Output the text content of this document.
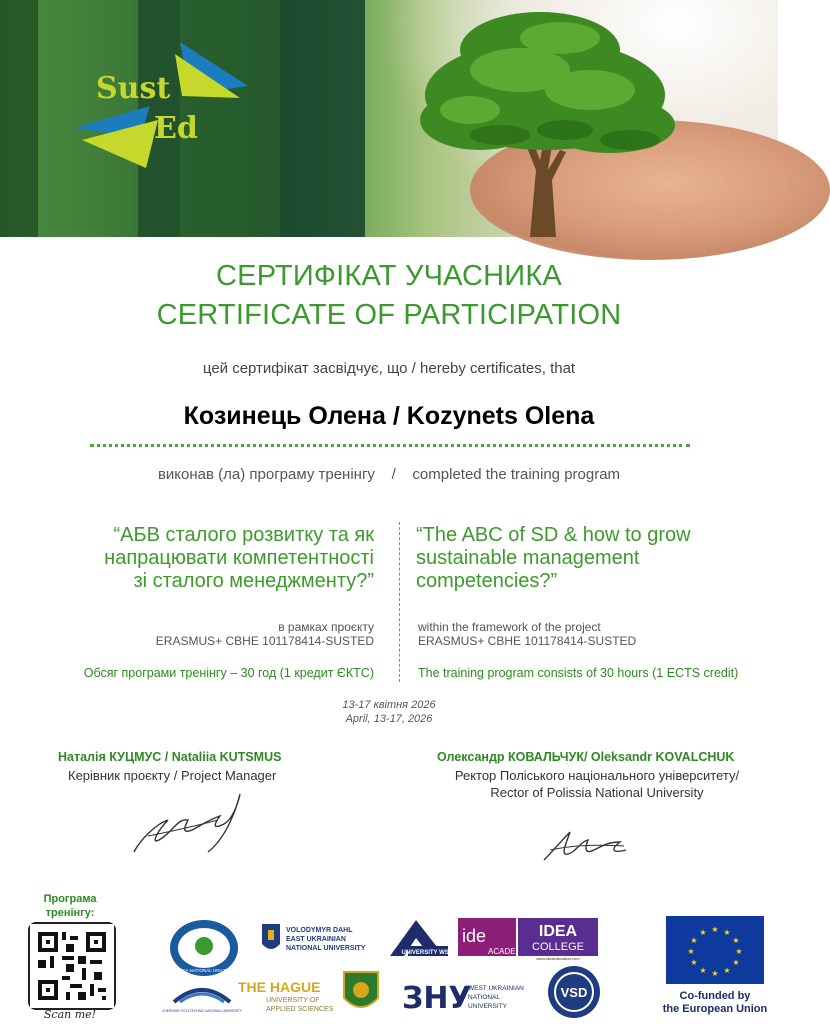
Sust
Ed
СЕРТИФІКАТ УЧАСНИКА
CERTIFICATE OF PARTICIPATION
цей сертифікат засвідчує, що / hereby certificates, that
Козинець Олена / Kozynets Olena
виконав (ла) програму тренінгу    /    completed the training program
“АБВ сталого розвитку та як
напрацювати компетентності
зі сталого менеджменту?”
“The ABC of SD & how to grow
sustainable management
competencies?”
в рамках проєкту
ERASMUS+ CBHE 101178414-SUSTED
within the framework of the project
ERASMUS+ CBHE 101178414-SUSTED
Обсяг програми тренінгу – 30 год (1 кредит ЄКТС)	The training program consists of 30 hours (1 ECTS credit)
13-17 квітня 2026
April, 13-17, 2026
Наталія КУЦМУС / Nataliia KUTSMUS
Керівник проєкту / Project Manager
Олександр КОВАЛЬЧУК/ Oleksandr KOVALCHUK
Ректор Поліського національного університету/
Rector of Polissia National University
Програма
тренінгу:
Scan me!
POLISSIA NATIONAL UNIVERSITY
VOLODYMYR DAHL
EAST UKRAINIAN
NATIONAL UNIVERSITY
UNIVERSITY WSEI
ide
ACADE
IDEA
COLLEGE
www.ideaeducation.com
CHERNIHIV POLYTECHNIC NATIONAL UNIVERSITY
THE HAGUE
UNIVERSITY OF
APPLIED SCIENCES ЗНУ
WEST UKRAINIAN
NATIONAL
UNIVERSITY
VSD
★ ★
★
★
★
★
★
★
★
★
★
★
Co-funded by
the European Union
